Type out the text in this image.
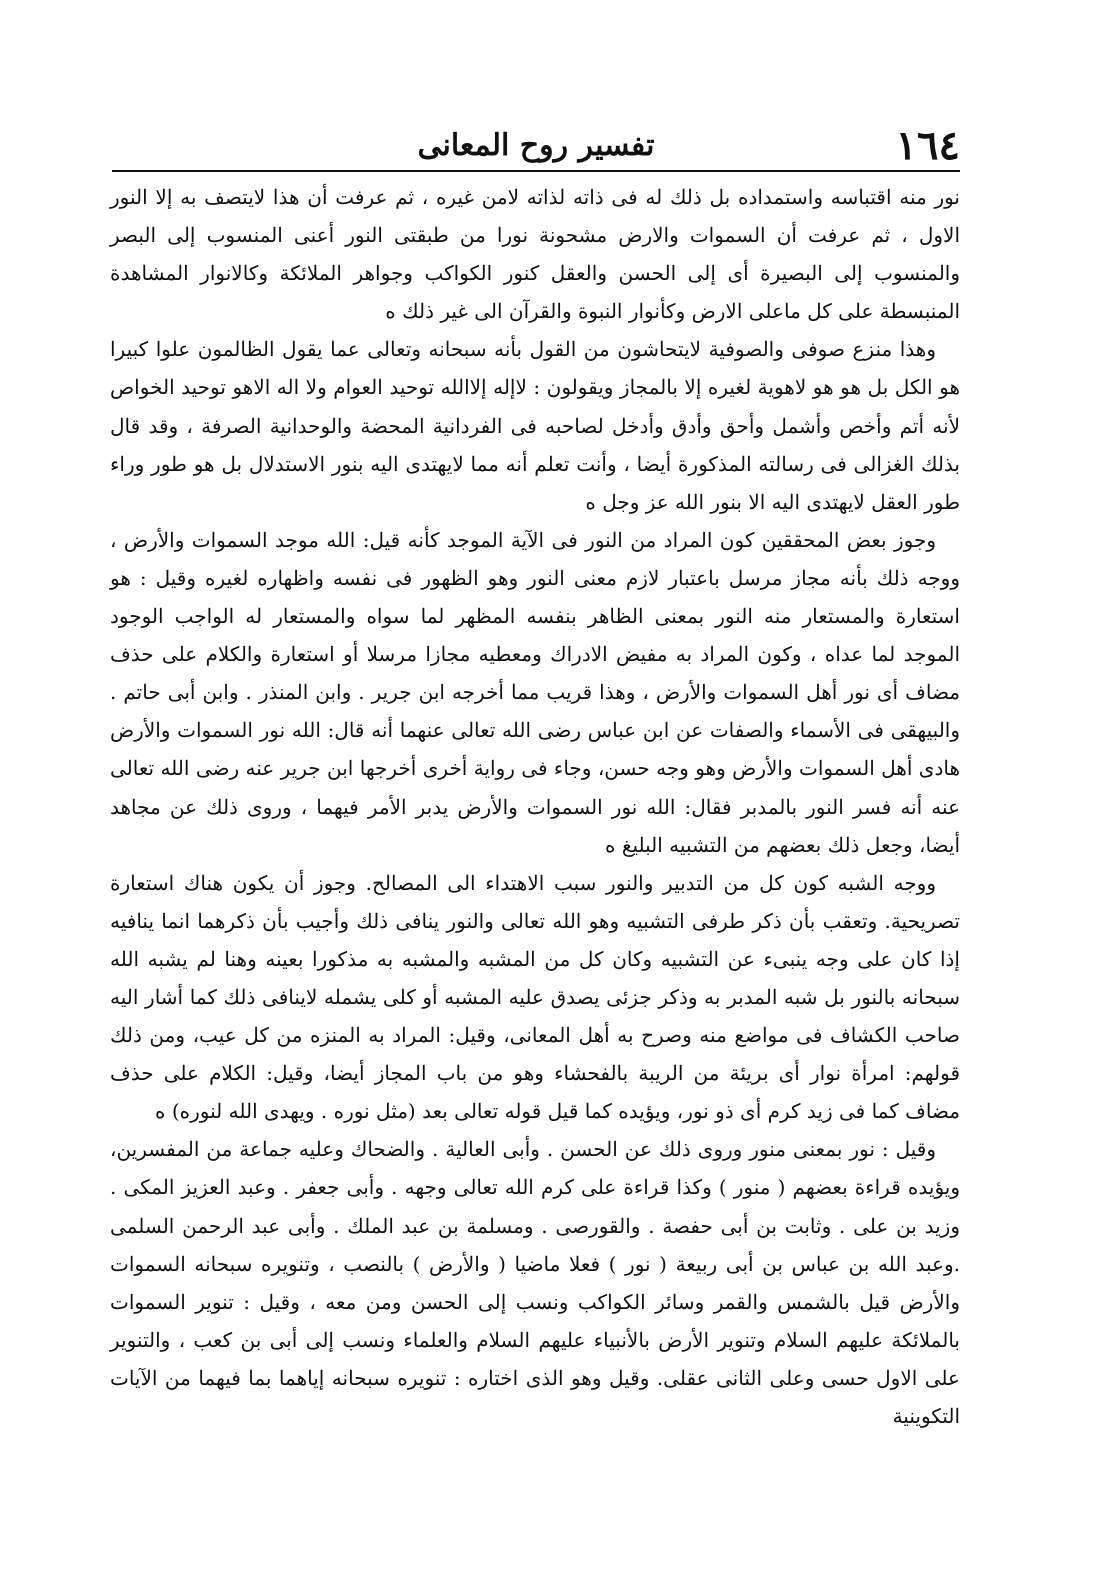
١٦٤
تفسير روح المعانى

نور منه اقتباسه واستمداده بل ذلك له فى ذاته لذاته لامن غيره ، ثم عرفت أن هذا لايتصف به إلا النور الاول ، ثم عرفت أن السموات والارض مشحونة نورا من طبقتى النور أعنى المنسوب إلى البصر والمنسوب إلى البصيرة أى إلى الحسن والعقل كنور الكواكب وجواهر الملائكة وكالانوار المشاهدة المنبسطة على كل ماعلى الارض وكأنوار النبوة والقرآن الى غير ذلك ه

وهذا منزع صوفى والصوفية لايتحاشون من القول بأنه سبحانه وتعالى عما يقول الظالمون علوا كبيرا هو الكل بل هو هو لاهوية لغيره إلا بالمجاز ويقولون : لاإله إلاالله توحيد العوام ولا اله الاهو توحيد الخواص لأنه أتم وأخص وأشمل وأحق وأدق وأدخل لصاحبه فى الفردانية المحضة والوحدانية الصرفة ، وقد قال بذلك الغزالى فى رسالته المذكورة أيضا ، وأنت تعلم أنه مما لايهتدى اليه بنور الاستدلال بل هو طور وراء طور العقل لايهتدى اليه الا بنور الله عز وجل ه

وجوز بعض المحققين كون المراد من النور فى الآية الموجد كأنه قيل: الله موجد السموات والأرض ، ووجه ذلك بأنه مجاز مرسل باعتبار لازم معنى النور وهو الظهور فى نفسه واظهاره لغيره وقيل : هو استعارة والمستعار منه النور بمعنى الظاهر بنفسه المظهر لما سواه والمستعار له الواجب الوجود الموجد لما عداه ، وكون المراد به مفيض الادراك ومعطيه مجازا مرسلا أو استعارة والكلام على حذف مضاف أى نور أهل السموات والأرض ، وهذا قريب مما أخرجه ابن جرير . وابن المنذر . وابن أبى حاتم . والبيهقى فى الأسماء والصفات عن ابن عباس رضى الله تعالى عنهما أنه قال: الله نور السموات والأرض هادى أهل السموات والأرض وهو وجه حسن، وجاء فى رواية أخرى أخرجها ابن جرير عنه رضى الله تعالى عنه أنه فسر النور بالمدبر فقال: الله نور السموات والأرض يدبر الأمر فيهما ، وروى ذلك عن مجاهد أيضا، وجعل ذلك بعضهم من التشبيه البليغ ه

ووجه الشبه كون كل من التدبير والنور سبب الاهتداء الى المصالح. وجوز أن يكون هناك استعارة تصريحية. وتعقب بأن ذكر طرفى التشبيه وهو الله تعالى والنور ينافى ذلك وأجيب بأن ذكرهما انما ينافيه إذا كان على وجه ينبىء عن التشبيه وكان كل من المشبه والمشبه به مذكورا بعينه وهنا لم يشبه الله سبحانه بالنور بل شبه المدبر به وذكر جزئى يصدق عليه المشبه أو كلى يشمله لاينافى ذلك كما أشار اليه صاحب الكشاف فى مواضع منه وصرح به أهل المعانى، وقيل: المراد به المنزه من كل عيب، ومن ذلك قولهم: امرأة نوار أى بريئة من الريبة بالفحشاء وهو من باب المجاز أيضا، وقيل: الكلام على حذف مضاف كما فى زيد كرم أى ذو نور، ويؤيده كما قيل قوله تعالى بعد (مثل نوره . ويهدى الله لنوره) ه

وقيل : نور بمعنى منور وروى ذلك عن الحسن . وأبى العالية . والضحاك وعليه جماعة من المفسرين، ويؤيده قراءة بعضهم ( منور ) وكذا قراءة على كرم الله تعالى وجهه . وأبى جعفر . وعبد العزيز المكى . وزيد بن على . وثابت بن أبى حفصة . والقورصى . ومسلمة بن عبد الملك . وأبى عبد الرحمن السلمى .وعبد الله بن عباس بن أبى ربيعة ( نور ) فعلا ماضيا ( والأرض ) بالنصب ، وتنويره سبحانه السموات والأرض قيل بالشمس والقمر وسائر الكواكب ونسب إلى الحسن ومن معه ، وقيل : تنوير السموات بالملائكة عليهم السلام وتنوير الأرض بالأنبياء عليهم السلام والعلماء ونسب إلى أبى بن كعب ، والتنوير على الاول حسى وعلى الثانى عقلى. وقيل وهو الذى اختاره : تنويره سبحانه إياهما بما فيهما من الآيات التكوينية
